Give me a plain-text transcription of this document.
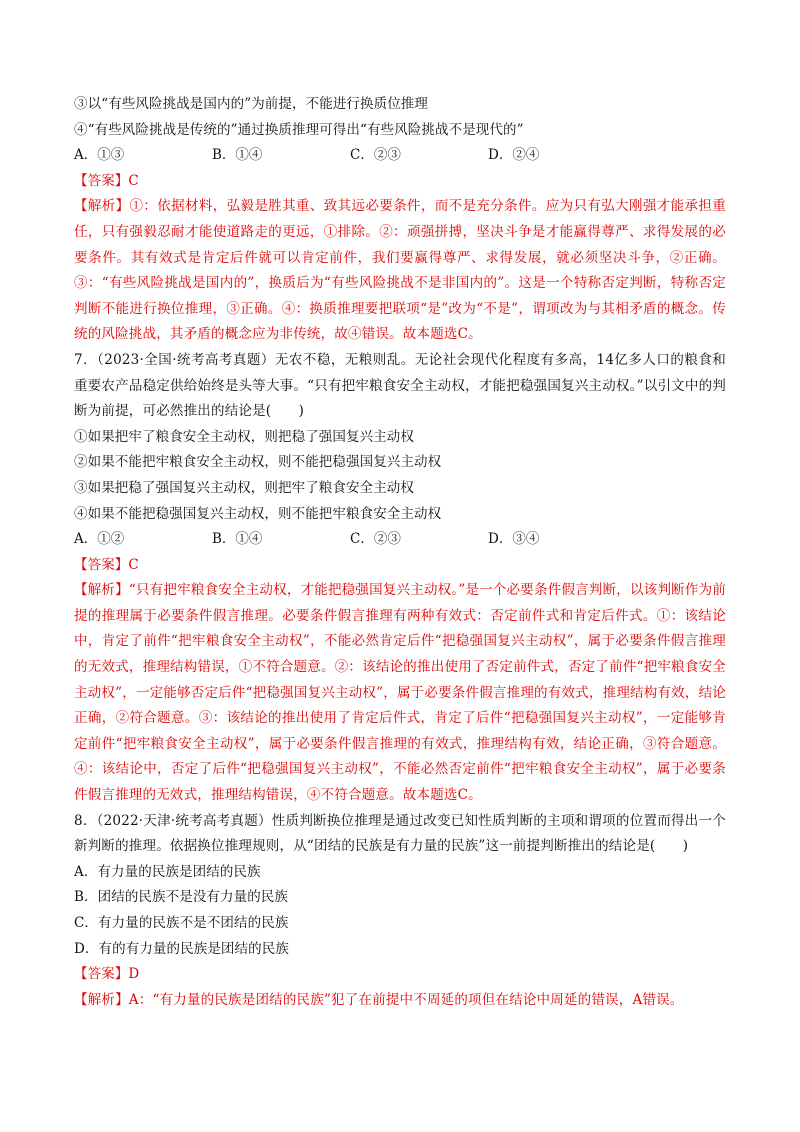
③以“有些风险挑战是国内的”为前提，不能进行换质位推理
④“有些风险挑战是传统的”通过换质推理可得出“有些风险挑战不是现代的”
A．①③	B．①④	C．②③	D．②④
【答案】C
【解析】①：依据材料，弘毅是胜其重、致其远必要条件，而不是充分条件。应为只有弘大刚强才能承担重任，只有强毅忍耐才能使道路走的更远，①排除。②：顽强拼搏，坚决斗争是才能赢得尊严、求得发展的必要条件。其有效式是肯定后件就可以肯定前件，我们要赢得尊严、求得发展，就必须坚决斗争，②正确。③：“有些风险挑战是国内的”，换质后为“有些风险挑战不是非国内的”。这是一个特称否定判断，特称否定判断不能进行换位推理，③正确。④：换质推理要把联项“是”改为“不是”，谓项改为与其相矛盾的概念。传统的风险挑战，其矛盾的概念应为非传统，故④错误。故本题选C。
7．（2023·全国·统考高考真题）无农不稳，无粮则乱。无论社会现代化程度有多高，14亿多人口的粮食和重要农产品稳定供给始终是头等大事。“只有把牢粮食安全主动权，才能把稳强国复兴主动权。”以引文中的判断为前提，可必然推出的结论是(　　)
①如果把牢了粮食安全主动权，则把稳了强国复兴主动权
②如果不能把牢粮食安全主动权，则不能把稳强国复兴主动权
③如果把稳了强国复兴主动权，则把牢了粮食安全主动权
④如果不能把稳强国复兴主动权，则不能把牢粮食安全主动权
A．①②	B．①④	C．②③	D．③④
【答案】C
【解析】“只有把牢粮食安全主动权，才能把稳强国复兴主动权。”是一个必要条件假言判断，以该判断作为前提的推理属于必要条件假言推理。必要条件假言推理有两种有效式：否定前件式和肯定后件式。①：该结论中，肯定了前件“把牢粮食安全主动权”，不能必然肯定后件“把稳强国复兴主动权”，属于必要条件假言推理的无效式，推理结构错误，①不符合题意。②：该结论的推出使用了否定前件式，否定了前件“把牢粮食安全主动权”，一定能够否定后件“把稳强国复兴主动权”，属于必要条件假言推理的有效式，推理结构有效，结论正确，②符合题意。③：该结论的推出使用了肯定后件式，肯定了后件“把稳强国复兴主动权”，一定能够肯定前件“把牢粮食安全主动权”，属于必要条件假言推理的有效式，推理结构有效，结论正确，③符合题意。④：该结论中，否定了后件“把稳强国复兴主动权”，不能必然否定前件“把牢粮食安全主动权”，属于必要条件假言推理的无效式，推理结构错误，④不符合题意。故本题选C。
8．（2022·天津·统考高考真题）性质判断换位推理是通过改变已知性质判断的主项和谓项的位置而得出一个新判断的推理。依据换位推理规则，从“团结的民族是有力量的民族”这一前提判断推出的结论是(　　)
A．有力量的民族是团结的民族
B．团结的民族不是没有力量的民族
C．有力量的民族不是不团结的民族
D．有的有力量的民族是团结的民族
【答案】D
【解析】A：“有力量的民族是团结的民族”犯了在前提中不周延的项但在结论中周延的错误，A错误。
